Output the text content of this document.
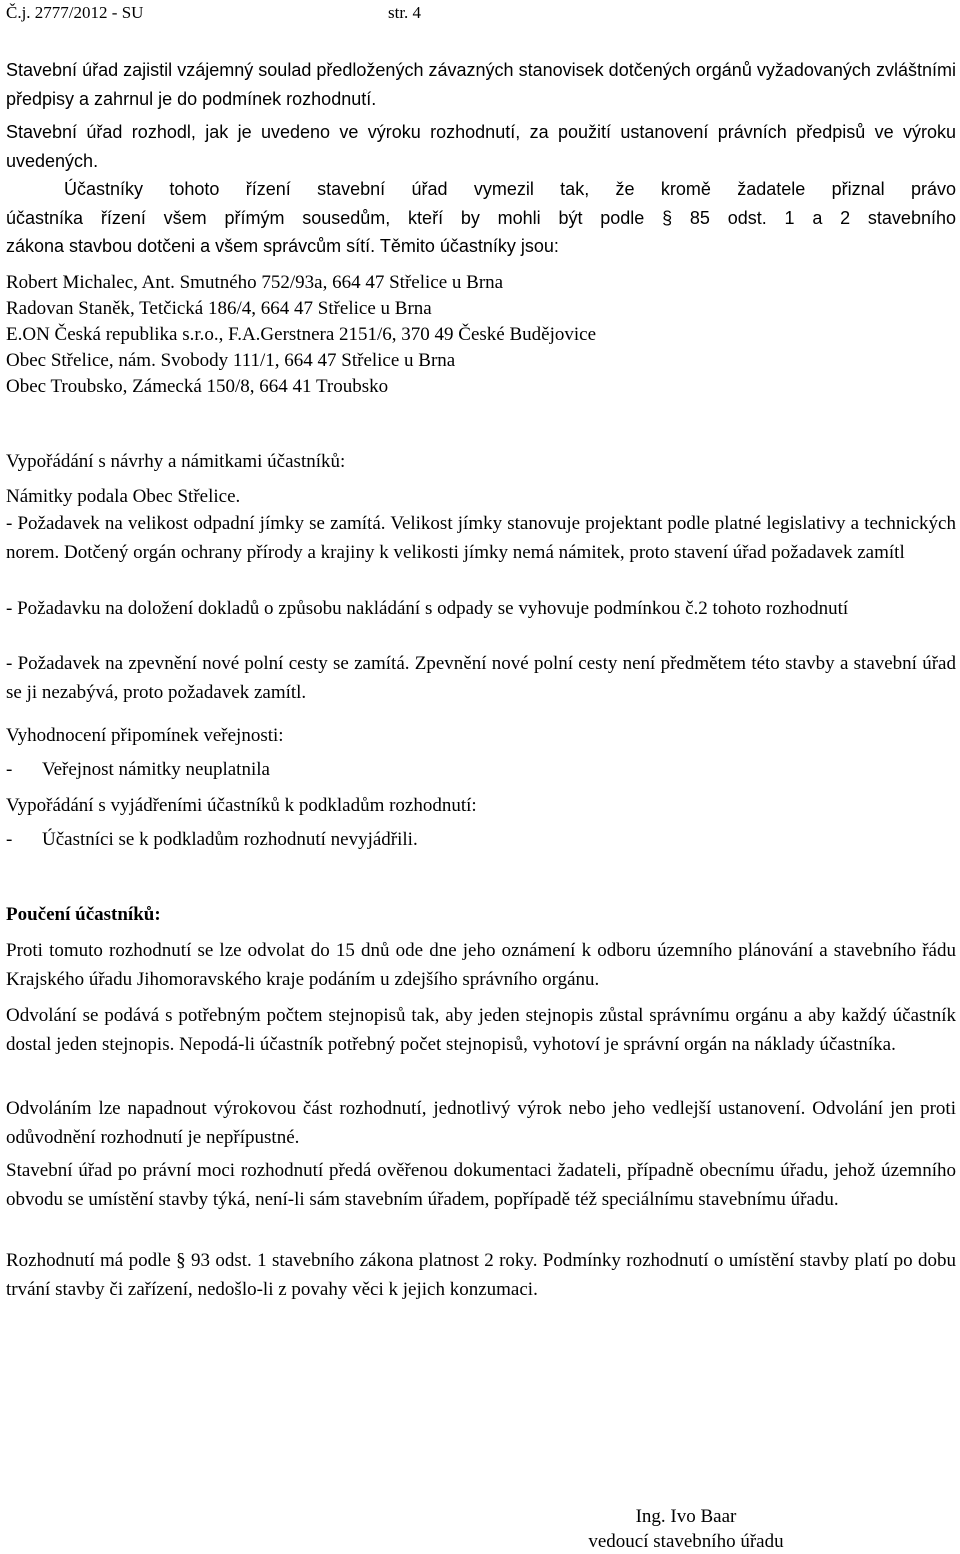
Č.j. 2777/2012 - SU	str. 4

Stavební úřad zajistil vzájemný soulad předložených závazných stanovisek dotčených orgánů vyžadovaných zvláštními předpisy a zahrnul je do podmínek rozhodnutí.

Stavební úřad rozhodl, jak je uvedeno ve výroku rozhodnutí, za použití ustanovení právních předpisů ve výroku uvedených.

Účastníky tohoto řízení stavební úřad vymezil tak, že kromě žadatele přiznal právo
účastníka řízení všem přímým sousedům, kteří by mohli být podle § 85 odst. 1 a 2 stavebního
zákona stavbou dotčeni a všem správcům sítí. Těmito účastníky jsou:
Robert Michalec, Ant. Smutného 752/93a, 664 47 Střelice u Brna
Radovan Staněk, Tetčická 186/4, 664 47 Střelice u Brna
E.ON Česká republika s.r.o., F.A.Gerstnera 2151/6, 370 49 České Budějovice
Obec Střelice, nám. Svobody 111/1, 664 47 Střelice u Brna
Obec Troubsko, Zámecká 150/8, 664 41 Troubsko
Vypořádání s návrhy a námitkami účastníků:
Námitky podala Obec Střelice.

- Požadavek na velikost odpadní jímky se zamítá. Velikost jímky stanovuje projektant podle platné legislativy a technických norem. Dotčený orgán ochrany přírody a krajiny k velikosti jímky nemá námitek, proto stavení úřad požadavek zamítl

- Požadavku na doložení dokladů o způsobu nakládání s odpady se vyhovuje podmínkou č.2 tohoto rozhodnutí

- Požadavek na zpevnění nové polní cesty se zamítá. Zpevnění nové polní cesty není předmětem této stavby a stavební úřad se ji nezabývá, proto požadavek zamítl.

Vyhodnocení připomínek veřejnosti:
- Veřejnost námitky neuplatnila
Vypořádání s vyjádřeními účastníků k podkladům rozhodnutí:
- Účastníci se k podkladům rozhodnutí nevyjádřili.
Poučení účastníků:

Proti tomuto rozhodnutí se lze odvolat do 15 dnů ode dne jeho oznámení k odboru územního plánování a stavebního řádu Krajského úřadu Jihomoravského kraje podáním u zdejšího správního orgánu.

Odvolání se podává s potřebným počtem stejnopisů tak, aby jeden stejnopis zůstal správnímu orgánu a aby každý účastník dostal jeden stejnopis. Nepodá-li účastník potřebný počet stejnopisů, vyhotoví je správní orgán na náklady účastníka.

Odvoláním lze napadnout výrokovou část rozhodnutí, jednotlivý výrok nebo jeho vedlejší ustanovení. Odvolání jen proti odůvodnění rozhodnutí je nepřípustné.

Stavební úřad po právní moci rozhodnutí předá ověřenou dokumentaci žadateli, případně obecnímu úřadu, jehož územního obvodu se umístění stavby týká, není-li sám stavebním úřadem, popřípadě též speciálnímu stavebnímu úřadu.

Rozhodnutí má podle § 93 odst. 1 stavebního zákona platnost 2 roky. Podmínky rozhodnutí o umístění stavby platí po dobu trvání stavby či zařízení, nedošlo-li z povahy věci k jejich konzumaci.

Ing. Ivo Baar
vedoucí stavebního úřadu
